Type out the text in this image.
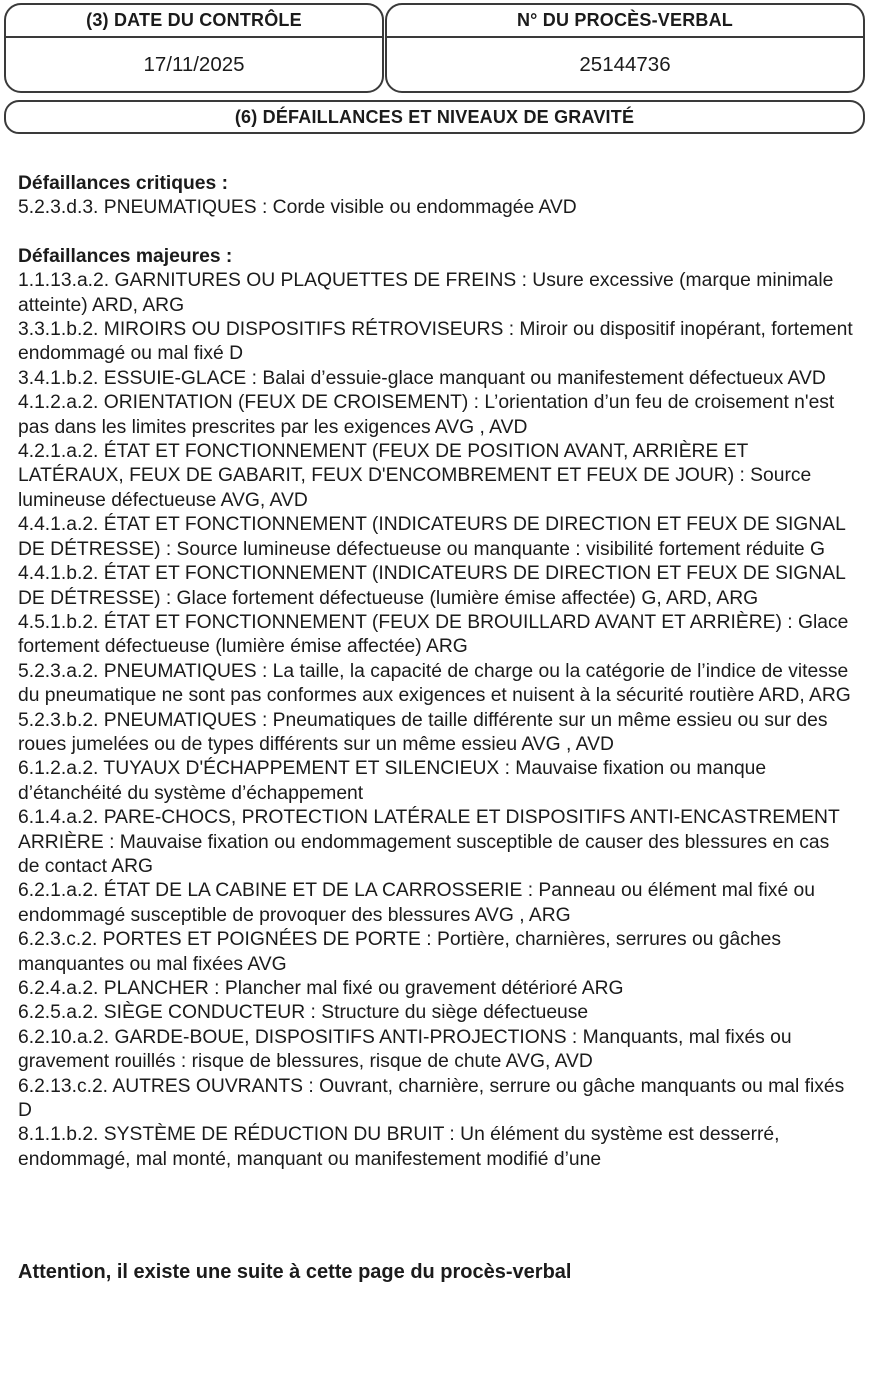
(3) DATE DU CONTRÔLE
17/11/2025
N° DU PROCÈS-VERBAL
25144736
(6) DÉFAILLANCES ET NIVEAUX DE GRAVITÉ

Défaillances critiques :

5.2.3.d.3. PNEUMATIQUES : Corde visible ou endommagée AVD

Défaillances majeures :

1.1.13.a.2. GARNITURES OU PLAQUETTES DE FREINS : Usure excessive (marque minimale atteinte) ARD, ARG

3.3.1.b.2. MIROIRS OU DISPOSITIFS RÉTROVISEURS : Miroir ou dispositif inopérant, fortement endommagé ou mal fixé D

3.4.1.b.2. ESSUIE-GLACE : Balai d’essuie-glace manquant ou manifestement défectueux AVD

4.1.2.a.2. ORIENTATION (FEUX DE CROISEMENT) : L’orientation d’un feu de croisement n'est pas dans les limites prescrites par les exigences AVG , AVD

4.2.1.a.2. ÉTAT ET FONCTIONNEMENT (FEUX DE POSITION AVANT, ARRIÈRE ET LATÉRAUX, FEUX DE GABARIT, FEUX D'ENCOMBREMENT ET FEUX DE JOUR) : Source lumineuse défectueuse AVG, AVD

4.4.1.a.2. ÉTAT ET FONCTIONNEMENT (INDICATEURS DE DIRECTION ET FEUX DE SIGNAL DE DÉTRESSE) : Source lumineuse défectueuse ou manquante : visibilité fortement réduite G

4.4.1.b.2. ÉTAT ET FONCTIONNEMENT (INDICATEURS DE DIRECTION ET FEUX DE SIGNAL DE DÉTRESSE) : Glace fortement défectueuse (lumière émise affectée) G, ARD, ARG

4.5.1.b.2. ÉTAT ET FONCTIONNEMENT (FEUX DE BROUILLARD AVANT ET ARRIÈRE) : Glace fortement défectueuse (lumière émise affectée) ARG

5.2.3.a.2. PNEUMATIQUES : La taille, la capacité de charge ou la catégorie de l’indice de vitesse du pneumatique ne sont pas conformes aux exigences et nuisent à la sécurité routière ARD, ARG

5.2.3.b.2. PNEUMATIQUES : Pneumatiques de taille différente sur un même essieu ou sur des roues jumelées ou de types différents sur un même essieu AVG , AVD

6.1.2.a.2. TUYAUX D'ÉCHAPPEMENT ET SILENCIEUX : Mauvaise fixation ou manque d’étanchéité du système d’échappement

6.1.4.a.2. PARE-CHOCS, PROTECTION LATÉRALE ET DISPOSITIFS ANTI-ENCASTREMENT ARRIÈRE : Mauvaise fixation ou endommagement susceptible de causer des blessures en cas de contact ARG

6.2.1.a.2. ÉTAT DE LA CABINE ET DE LA CARROSSERIE : Panneau ou élément mal fixé ou endommagé susceptible de provoquer des blessures AVG , ARG

6.2.3.c.2. PORTES ET POIGNÉES DE PORTE : Portière, charnières, serrures ou gâches manquantes ou mal fixées AVG

6.2.4.a.2. PLANCHER : Plancher mal fixé ou gravement détérioré ARG

6.2.5.a.2. SIÈGE CONDUCTEUR : Structure du siège défectueuse

6.2.10.a.2. GARDE-BOUE, DISPOSITIFS ANTI-PROJECTIONS : Manquants, mal fixés ou gravement rouillés : risque de blessures, risque de chute AVG, AVD

6.2.13.c.2. AUTRES OUVRANTS : Ouvrant, charnière, serrure ou gâche manquants ou mal fixés D

8.1.1.b.2. SYSTÈME DE RÉDUCTION DU BRUIT : Un élément du système est desserré, endommagé, mal monté, manquant ou manifestement modifié d’une

Attention, il existe une suite à cette page du procès-verbal
